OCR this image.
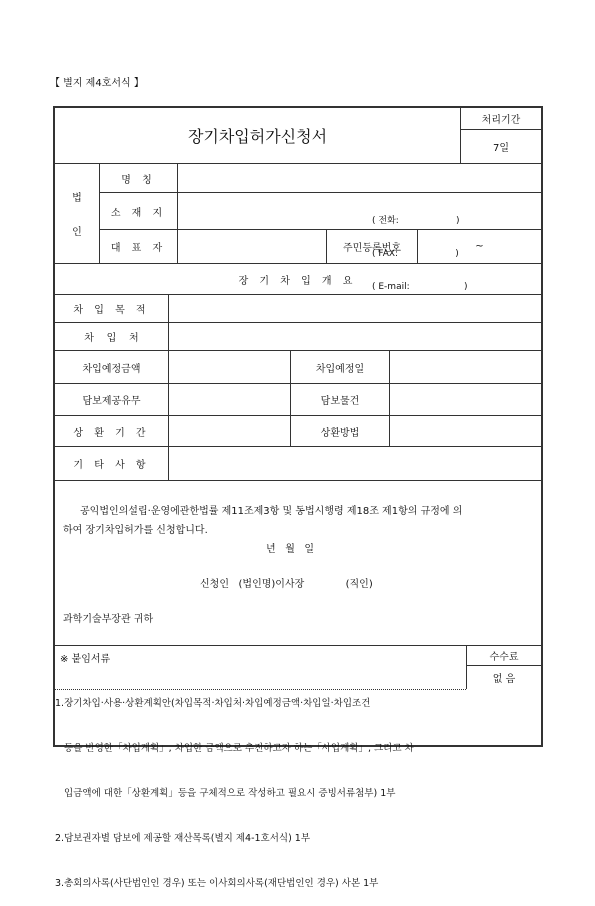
【 별지 제4호서식 】
장기차입허가신청서
처리기간
7일
법
인
명 칭
소 재 지

( 전화:                    )

( FAX:                    )

( E-mail:                   )

대 표 자	주민등록번호	~
장 기 차 입 개 요
차 입 목 적
차    입    처
차입예정금액	차입예정일
담보제공유무	담보물건
상 환 기 간	상환방법
기 타 사 항
공익법인의설립·운영에관한법률 제11조제3항 및 동법시행령 제18조 제1항의 규정에 의
하여 장기차입허가를 신청합니다.
년   월   일
신청인   (법인명)이사장             (직인)
과학기술부장관 귀하
※ 붙임서류	수수료
없 음

1.장기차입·사용·상환계획안(차입목적·차입처·차입예정금액·차입일·차입조건

등을 반영한「차입계획」, 차입한 금액으로 추진하고자 하는「사업계획」, 그리고 차

입금액에 대한「상환계획」등을 구체적으로 작성하고 필요시 증빙서류첨부) 1부

2.담보권자별 담보에 제공할 재산목록(별지 제4-1호서식) 1부

3.총회의사록(사단법인인 경우) 또는 이사회의사록(재단법인인 경우) 사본 1부
